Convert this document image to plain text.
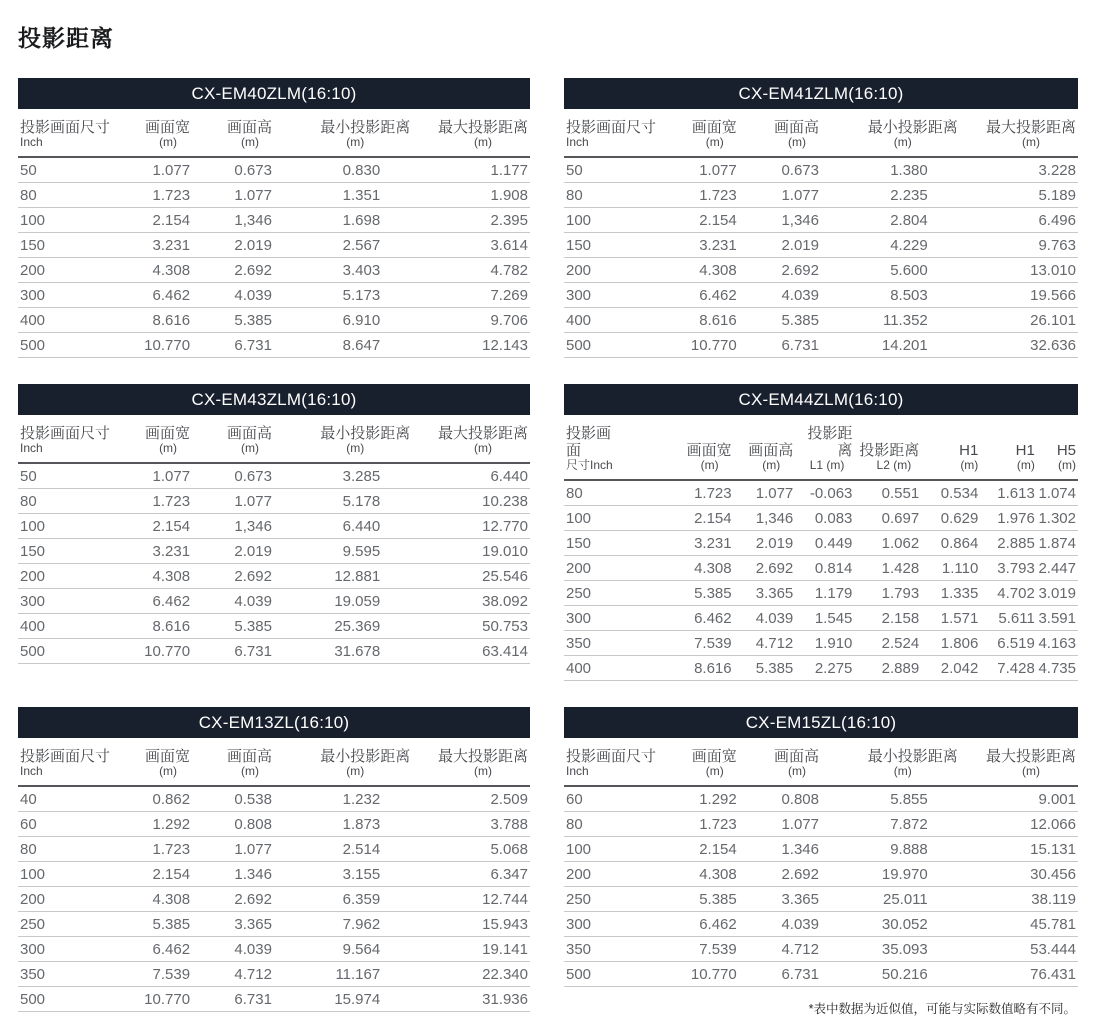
投影距离
CX-EM40ZLM(16:10)
投影画面尺寸
Inch

画面宽
(m)

画面高
(m)

最小投影距离
(m)

最大投影距离
(m)

50	1.077	0.673	0.830	1.177
80	1.723	1.077	1.351	1.908
100	2.154	1,346	1.698	2.395
150	3.231	2.019	2.567	3.614
200	4.308	2.692	3.403	4.782
300	6.462	4.039	5.173	7.269
400	8.616	5.385	6.910	9.706
500	10.770	6.731	8.647	12.143
CX-EM41ZLM(16:10)
投影画面尺寸
Inch

画面宽
(m)

画面高
(m)

最小投影距离
(m)

最大投影距离
(m)

50	1.077	0.673	1.380	3.228
80	1.723	1.077	2.235	5.189
100	2.154	1,346	2.804	6.496
150	3.231	2.019	4.229	9.763
200	4.308	2.692	5.600	13.010
300	6.462	4.039	8.503	19.566
400	8.616	5.385	11.352	26.101
500	10.770	6.731	14.201	32.636
CX-EM43ZLM(16:10)
投影画面尺寸
Inch

画面宽
(m)

画面高
(m)

最小投影距离
(m)

最大投影距离
(m)

50	1.077	0.673	3.285	6.440
80	1.723	1.077	5.178	10.238
100	2.154	1,346	6.440	12.770
150	3.231	2.019	9.595	19.010
200	4.308	2.692	12.881	25.546
300	6.462	4.039	19.059	38.092
400	8.616	5.385	25.369	50.753
500	10.770	6.731	31.678	63.414
CX-EM44ZLM(16:10)
投影画面
尺寸Inch

画面宽
(m)

画面高
(m)

投影距离
L1 (m)

投影距离
L2 (m)

H1
(m)

H1
(m)

H5
(m)

80	1.723	1.077	-0.063	0.551	0.534	1.613	1.074
100	2.154	1,346	0.083	0.697	0.629	1.976	1.302
150	3.231	2.019	0.449	1.062	0.864	2.885	1.874
200	4.308	2.692	0.814	1.428	1.110	3.793	2.447
250	5.385	3.365	1.179	1.793	1.335	4.702	3.019
300	6.462	4.039	1.545	2.158	1.571	5.611	3.591
350	7.539	4.712	1.910	2.524	1.806	6.519	4.163
400	8.616	5.385	2.275	2.889	2.042	7.428	4.735
CX-EM13ZL(16:10)
投影画面尺寸
Inch

画面宽
(m)

画面高
(m)

最小投影距离
(m)

最大投影距离
(m)

40	0.862	0.538	1.232	2.509
60	1.292	0.808	1.873	3.788
80	1.723	1.077	2.514	5.068
100	2.154	1.346	3.155	6.347
200	4.308	2.692	6.359	12.744
250	5.385	3.365	7.962	15.943
300	6.462	4.039	9.564	19.141
350	7.539	4.712	11.167	22.340
500	10.770	6.731	15.974	31.936
CX-EM15ZL(16:10)
投影画面尺寸
Inch

画面宽
(m)

画面高
(m)

最小投影距离
(m)

最大投影距离
(m)

60	1.292	0.808	5.855	9.001
80	1.723	1.077	7.872	12.066
100	2.154	1.346	9.888	15.131
200	4.308	2.692	19.970	30.456
250	5.385	3.365	25.011	38.119
300	6.462	4.039	30.052	45.781
350	7.539	4.712	35.093	53.444
500	10.770	6.731	50.216	76.431
*表中数据为近似值，可能与实际数值略有不同。
